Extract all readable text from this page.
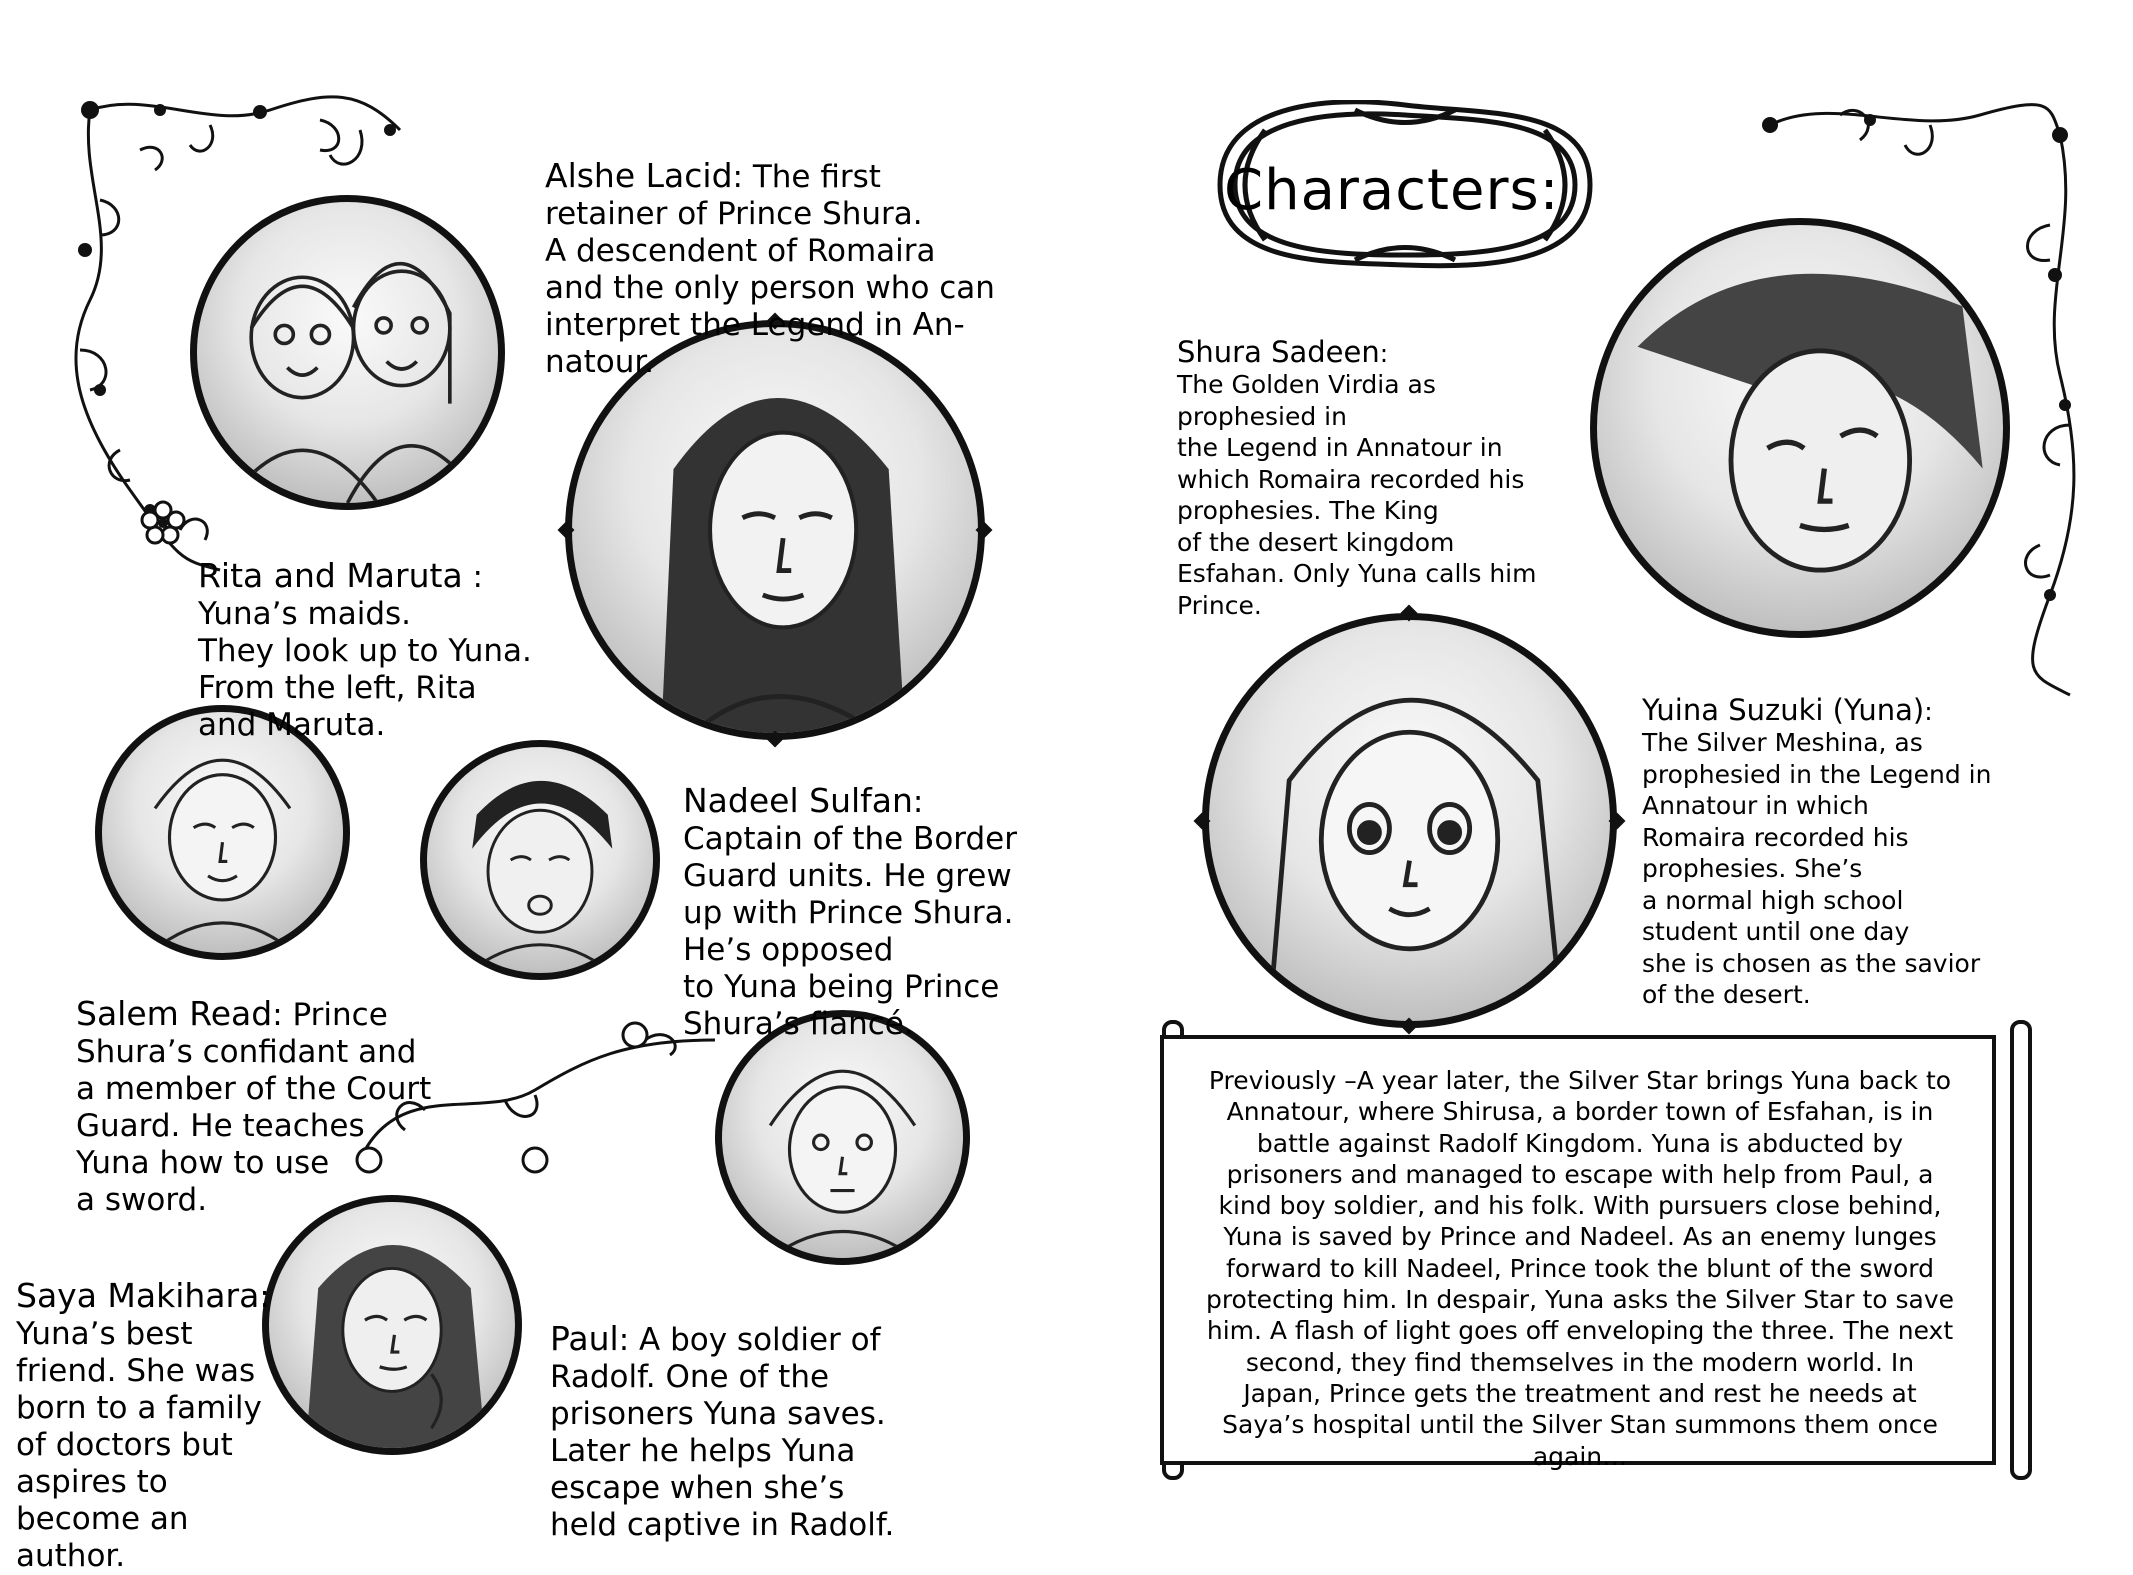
Alshe Lacid: The first
retainer of Prince Shura.
A descendent of Romaira
and the only person who can
interpret the Legend in An-
natour.

Rita and Maruta :
Yuna’s maids.
They look up to Yuna.
From the left, Rita
and Maruta.

Nadeel Sulfan:
Captain of the Border
Guard units. He grew
up with Prince Shura.
He’s opposed
to Yuna being Prince
Shura’s fiancé.

Salem Read: Prince
Shura’s confidant and
a member of the Court
Guard. He teaches
Yuna how to use
a sword.

Saya Makihara:
Yuna’s best
friend. She was
born to a family
of doctors but
aspires to
become an
author.

Paul: A boy soldier of
Radolf. One of the
prisoners Yuna saves.
Later he helps Yuna
escape when she’s
held captive in Radolf.

Characters:

Shura Sadeen:
The Golden Virdia as
prophesied in
the Legend in Annatour in
which Romaira recorded his
prophesies. The King
of the desert kingdom
Esfahan. Only Yuna calls him
Prince.

Yuina Suzuki (Yuna):
The Silver Meshina, as
prophesied in the Legend in
Annatour in which
Romaira recorded his
prophesies. She’s
a normal high school
student until one day
she is chosen as the savior
of the desert.

Previously –A year later, the Silver Star brings Yuna back to Annatour, where Shirusa, a border town of Esfahan, is in battle against Radolf Kingdom. Yuna is abducted by prisoners and managed to escape with help from Paul, a kind boy soldier, and his folk. With pursuers close behind, Yuna is saved by Prince and Nadeel. As an enemy lunges forward to kill Nadeel, Prince took the blunt of the sword protecting him. In despair, Yuna asks the Silver Star to save him. A flash of light goes off enveloping the three. The next second, they find themselves in the modern world. In Japan, Prince gets the treatment and rest he needs at Saya’s hospital until the Silver Stan summons them once again…
